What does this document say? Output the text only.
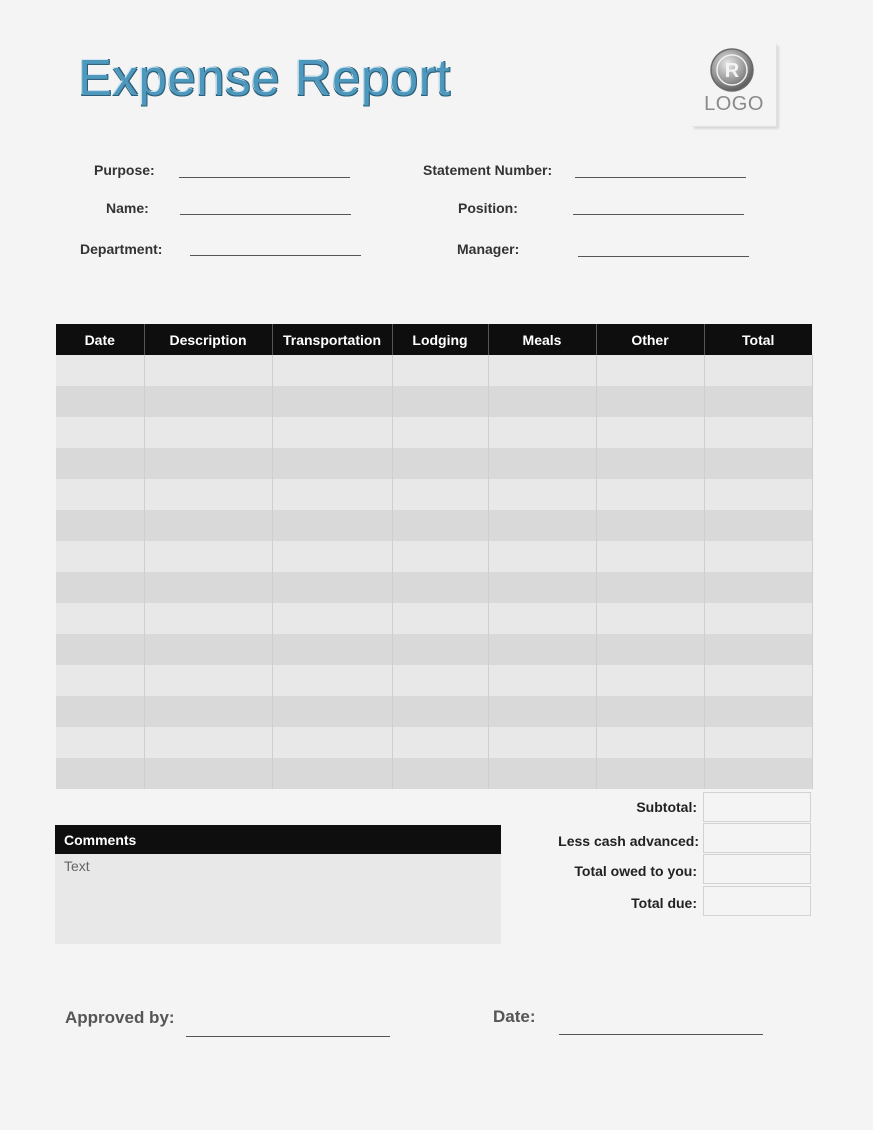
Expense Report	R
LOGO
Purpose:	Statement Number:
Name:	Position:
Department:	Manager:
Date	Description	Transportation	Lodging	Meals	Other	Total

Subtotal:
Less cash advanced:
Total owed to you:
Total due:
Comments
Text
Approved by:	Date:
